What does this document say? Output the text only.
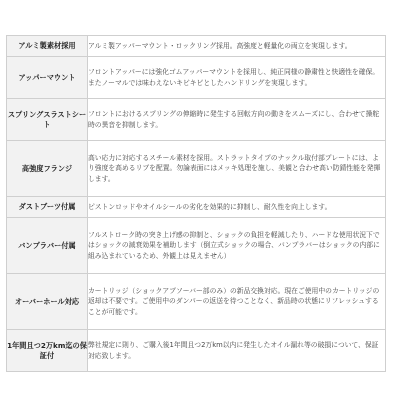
アルミ製素材採用	アルミ製アッパーマウント・ロックリング採用。高強度と軽量化の両立を実現します。
アッパーマウント	フロントアッパーには強化ゴムアッパーマウントを採用し、純正同様の静粛性と快適性を確保。またノーマルでは味わえないキビキビとしたハンドリングを実現します。
スプリングスラストシート	フロントにおけるスプリングの伸縮時に発生する回転方向の動きをスムーズにし、合わせて操舵時の異音を抑制します。
高強度フランジ	高い応力に対応するスチール素材を採用。ストラットタイプのナックル取付部プレートには、より強度を高めるリブを配置。勿論表面にはメッキ処理を施し、美観と合わせ高い防錆性能を発揮します。
ダストブーツ付属	ピストンロッドやオイルシールの劣化を効果的に抑制し、耐久性を向上します。
バンプラバー付属	フルストローク時の突き上げ感の抑制と、ショックの負担を軽減したり、ハードな使用状況下ではショックの減衰効果を補助します（倒立式ショックの場合、バンプラバーはショックの内部に組み込まれているため、外観上は見えません）
オーバーホール対応	カートリッジ（ショックアブソーバー部のみ）の新品交換対応。現在ご使用中のカートリッジの返却は不要です。ご使用中のダンパーの返送を待つことなく、新品時の状態にリフレッシュすることが可能です。
1年間且つ2万km迄の保証付	弊社規定に則り、ご購入後1年間且つ2万km以内に発生したオイル漏れ等の破損について、保証対応致します。
